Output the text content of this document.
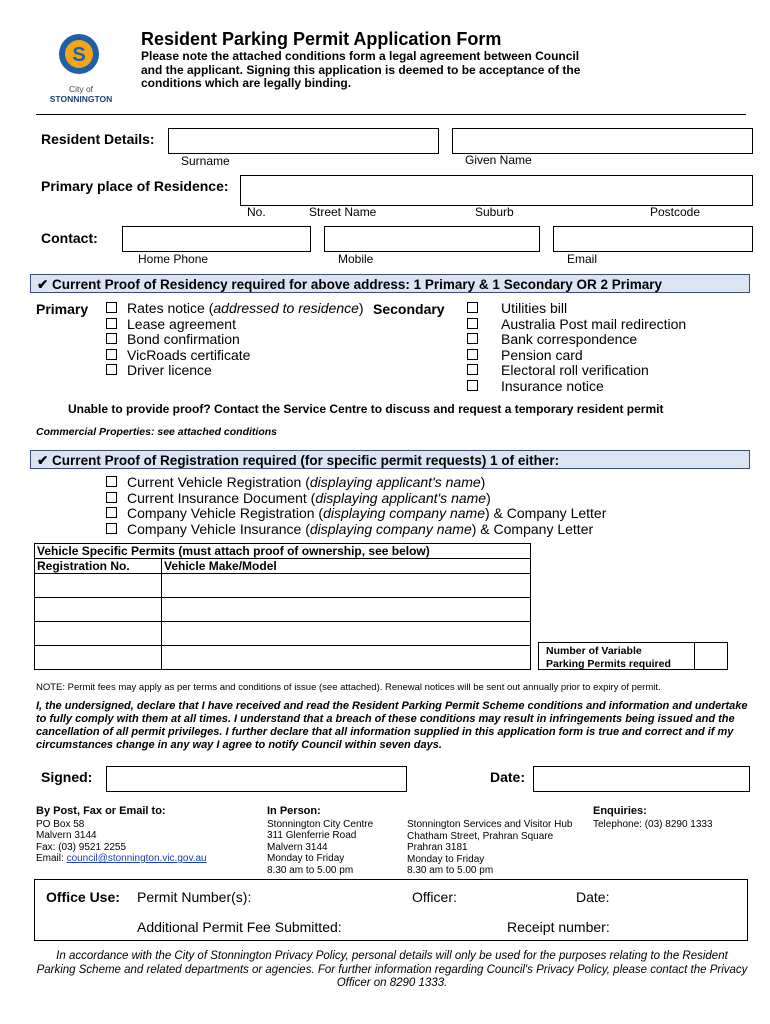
S
City of
STONNINGTON
Resident Parking Permit Application Form
Please note the attached conditions form a legal agreement between Council and the applicant. Signing this application is deemed to be acceptance of the conditions which are legally binding.
Resident Details:
Surname	Given Name
Primary place of Residence:
No.	Street Name	Suburb	Postcode
Contact:
Home Phone	Mobile	Email
✔ Current Proof of Residency required for above address: 1 Primary & 1 Secondary OR 2 Primary
Primary	Rates notice (addressed to residence)
Lease agreement
Bond confirmation
VicRoads certificate
Driver licence
Secondary	Utilities bill
Australia Post mail redirection
Bank correspondence
Pension card
Electoral roll verification
Insurance notice
Unable to provide proof? Contact the Service Centre to discuss and request a temporary resident permit
Commercial Properties: see attached conditions
✔ Current Proof of Registration required (for specific permit requests) 1 of either:
Current Vehicle Registration (displaying applicant's name)
Current Insurance Document (displaying applicant's name)
Company Vehicle Registration (displaying company name) & Company Letter
Company Vehicle Insurance (displaying company name) & Company Letter
Vehicle Specific Permits (must attach proof of ownership, see below)	
Registration No.	Vehicle Make/Model

Number of Variable
Parking Permits required
NOTE: Permit fees may apply as per terms and conditions of issue (see attached). Renewal notices will be sent out annually prior to expiry of permit.
I, the undersigned, declare that I have received and read the Resident Parking Permit Scheme conditions and information and undertake to fully comply with them at all times. I understand that a breach of these conditions may result in infringements being issued and the cancellation of all permit privileges. I further declare that all information supplied in this application form is true and correct and if my circumstances change in any way I agree to notify Council within seven days.
Signed:	Date:
By Post, Fax or Email to:
PO Box 58
Malvern 3144
Fax: (03) 9521 2255
Email: council@stonnington.vic.gov.au
In Person:
Stonnington City Centre
311 Glenferrie Road
Malvern 3144
Monday to Friday
8.30 am to 5.00 pm
Stonnington Services and Visitor Hub
Chatham Street, Prahran Square
Prahran 3181
Monday to Friday
8.30 am to 5.00 pm
Enquiries:
Telephone: (03) 8290 1333
Office Use: Permit Number(s):	Officer:	Date:
Additional Permit Fee Submitted:	Receipt number:
In accordance with the City of Stonnington Privacy Policy, personal details will only be used for the purposes relating to the Resident Parking Scheme and related departments or agencies. For further information regarding Council's Privacy Policy, please contact the Privacy Officer on 8290 1333.
